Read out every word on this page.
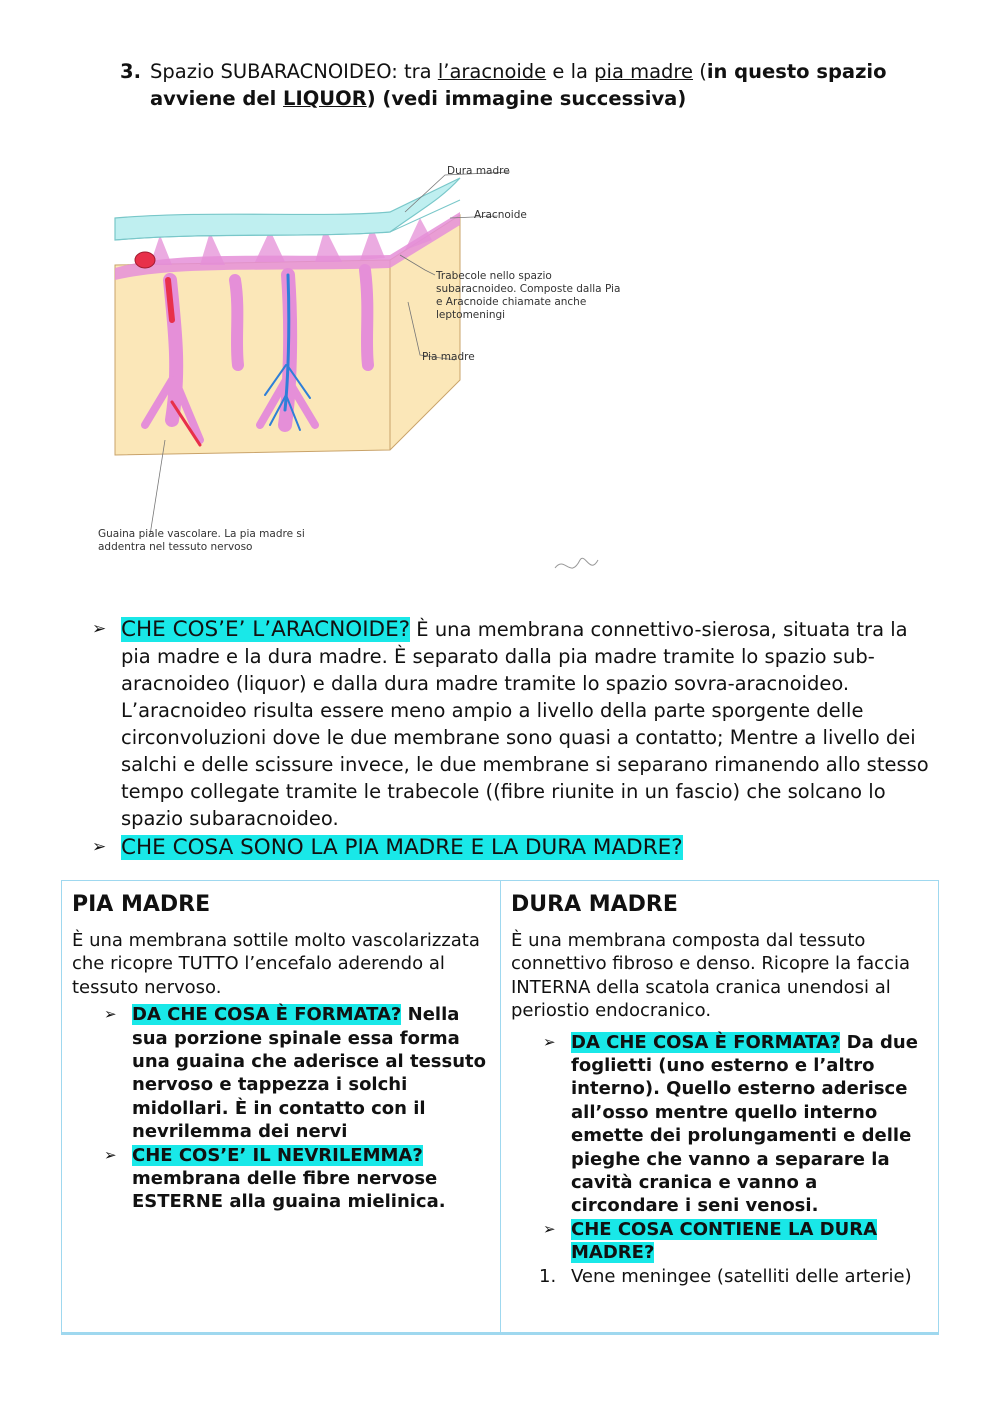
3. Spazio SUBARACNOIDEO: tra l’aracnoide e la pia madre (in questo spazio avviene del LIQUOR) (vedi immagine successiva)
Dura madre
Aracnoide
Trabecole nello spazio subaracnoideo. Composte dalla Pia e Aracnoide chiamate anche leptomeningi
Pia madre
Guaina piale vascolare. La pia madre si addentra nel tessuto nervoso
➢ CHE COS’E’ L’ARACNOIDE? È una membrana connettivo-sierosa, situata tra la pia madre e la dura madre. È separato dalla pia madre tramite lo spazio sub-aracnoideo (liquor) e dalla dura madre tramite lo spazio sovra-aracnoideo. L’aracnoideo risulta essere meno ampio a livello della parte sporgente delle circonvoluzioni dove le due membrane sono quasi a contatto; Mentre a livello dei salchi e delle scissure invece, le due membrane si separano rimanendo allo stesso tempo collegate tramite le trabecole ((fibre riunite in un fascio) che solcano lo spazio subaracnoideo.
➢ CHE COSA SONO LA PIA MADRE E LA DURA MADRE?
PIA MADRE
È una membrana sottile molto vascolarizzata che ricopre TUTTO l’encefalo aderendo al tessuto nervoso.
➢ DA CHE COSA È FORMATA? Nella sua porzione spinale essa forma una guaina che aderisce al tessuto nervoso e tappezza i solchi midollari. È in contatto con il nevrilemma dei nervi
➢ CHE COS’E’ IL NEVRILEMMA? membrana delle fibre nervose ESTERNE alla guaina mielinica.
DURA MADRE
È una membrana composta dal tessuto connettivo fibroso e denso. Ricopre la faccia INTERNA della scatola cranica unendosi al periostio endocranico.
➢ DA CHE COSA È FORMATA? Da due foglietti (uno esterno e l’altro interno). Quello esterno aderisce all’osso mentre quello interno emette dei prolungamenti e delle pieghe che vanno a separare la cavità cranica e vanno a circondare i seni venosi.
➢ CHE COSA CONTIENE LA DURA MADRE?
1. Vene meningee (satelliti delle arterie)
